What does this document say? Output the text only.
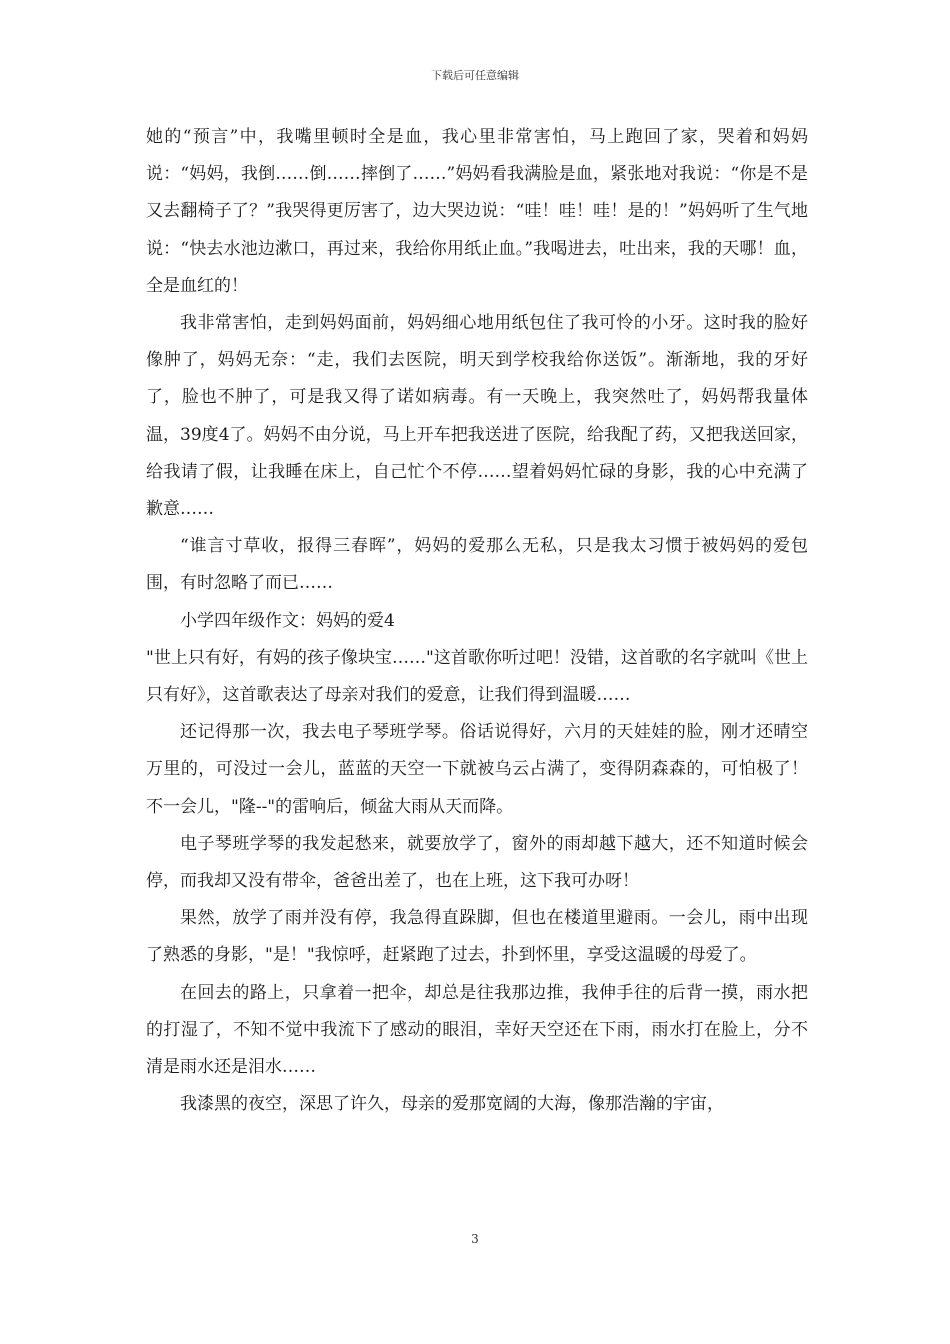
下载后可任意编辑

她的“预言”中，我嘴里顿时全是血，我心里非常害怕，马上跑回了家，哭着和妈妈说：“妈妈，我倒……倒……摔倒了……”妈妈看我满脸是血，紧张地对我说：“你是不是又去翻椅子了？”我哭得更厉害了，边大哭边说：“哇！哇！哇！是的！”妈妈听了生气地说：“快去水池边漱口，再过来，我给你用纸止血。”我喝进去，吐出来，我的天哪！血，全是血红的！

我非常害怕，走到妈妈面前，妈妈细心地用纸包住了我可怜的小牙。这时我的脸好像肿了，妈妈无奈：“走，我们去医院，明天到学校我给你送饭”。渐渐地，我的牙好了，脸也不肿了，可是我又得了诺如病毒。有一天晚上，我突然吐了，妈妈帮我量体温，39度4了。妈妈不由分说，马上开车把我送进了医院，给我配了药，又把我送回家，给我请了假，让我睡在床上，自己忙个不停……望着妈妈忙碌的身影，我的心中充满了歉意……

“谁言寸草收，报得三春晖”，妈妈的爱那么无私，只是我太习惯于被妈妈的爱包围，有时忽略了而已……

小学四年级作文：妈妈的爱4

"世上只有好，有妈的孩子像块宝……"这首歌你听过吧！没错，这首歌的名字就叫《世上只有好》，这首歌表达了母亲对我们的爱意，让我们得到温暖……

还记得那一次，我去电子琴班学琴。俗话说得好，六月的天娃娃的脸，刚才还晴空万里的，可没过一会儿，蓝蓝的天空一下就被乌云占满了，变得阴森森的，可怕极了！不一会儿，"隆--"的雷响后，倾盆大雨从天而降。

电子琴班学琴的我发起愁来，就要放学了，窗外的雨却越下越大，还不知道时候会停，而我却又没有带伞，爸爸出差了，也在上班，这下我可办呀！

果然，放学了雨并没有停，我急得直跺脚，但也在楼道里避雨。一会儿，雨中出现了熟悉的身影，"是！"我惊呼，赶紧跑了过去，扑到怀里，享受这温暖的母爱了。

在回去的路上，只拿着一把伞，却总是往我那边推，我伸手往的后背一摸，雨水把的打湿了，不知不觉中我流下了感动的眼泪，幸好天空还在下雨，雨水打在脸上，分不清是雨水还是泪水……

我漆黑的夜空，深思了许久，母亲的爱那宽阔的大海，像那浩瀚的宇宙，

3
